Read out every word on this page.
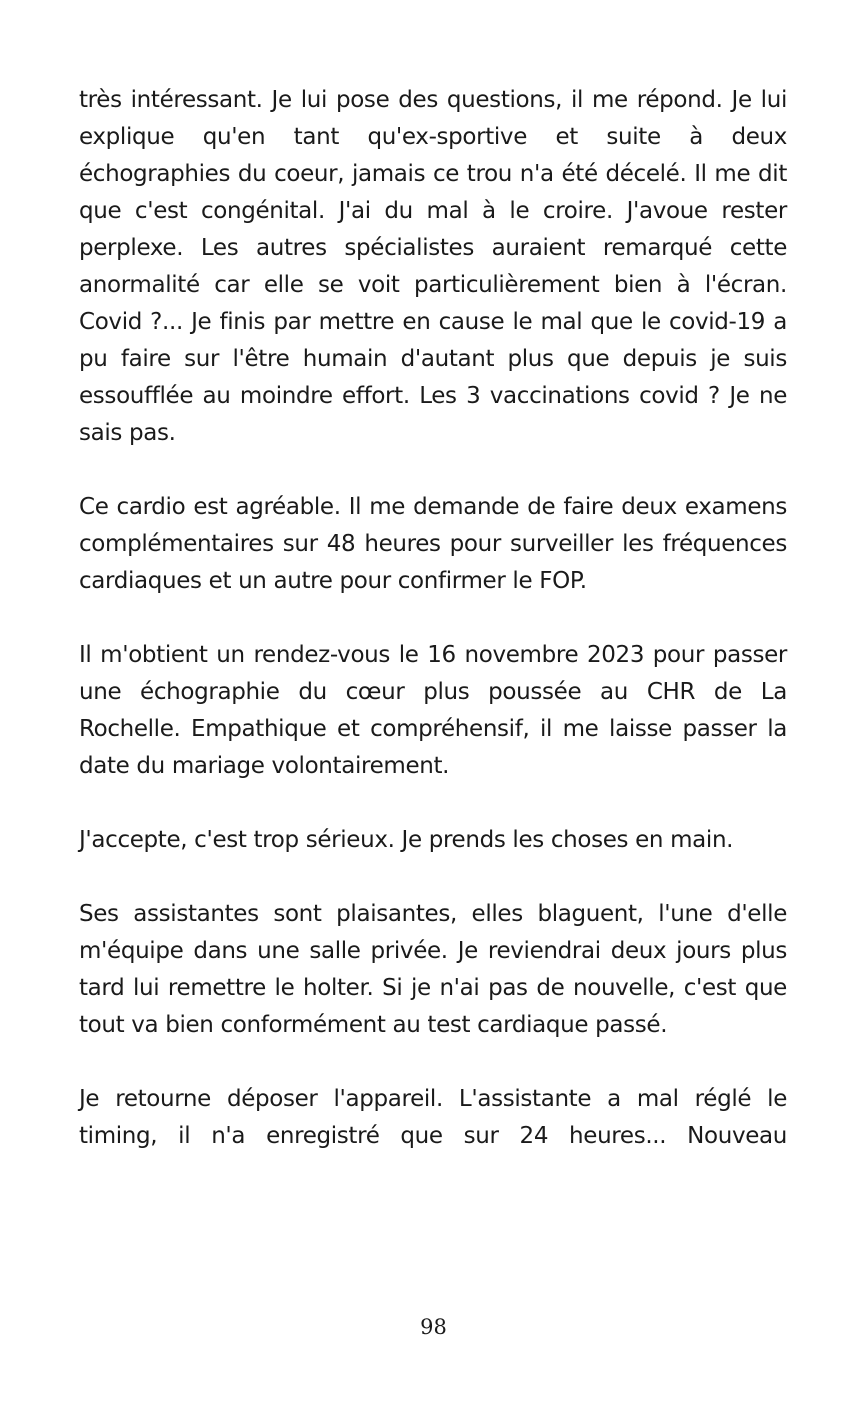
très intéressant. Je lui pose des questions, il me répond. Je lui explique qu'en tant qu'ex-sportive et suite à deux échographies du coeur, jamais ce trou n'a été décelé. Il me dit que c'est congénital. J'ai du mal à le croire. J'avoue rester perplexe. Les autres spécialistes auraient remarqué cette anormalité car elle se voit particulièrement bien à l'écran. Covid ?... Je finis par mettre en cause le mal que le covid-19 a pu faire sur l'être humain d'autant plus que depuis je suis essoufflée au moindre effort. Les 3 vaccinations covid ? Je ne sais pas.

Ce cardio est agréable. Il me demande de faire deux examens complémentaires sur 48 heures pour surveiller les fréquences cardiaques et un autre pour confirmer le FOP.

Il m'obtient un rendez-vous le 16 novembre 2023 pour passer une échographie du cœur plus poussée au CHR de La Rochelle. Empathique et compréhensif, il me laisse passer la date du mariage volontairement.

J'accepte, c'est trop sérieux. Je prends les choses en main.

Ses assistantes sont plaisantes, elles blaguent, l'une d'elle m'équipe dans une salle privée. Je reviendrai deux jours plus tard lui remettre le holter. Si je n'ai pas de nouvelle, c'est que tout va bien conformément au test cardiaque passé.

Je retourne déposer l'appareil. L'assistante a mal réglé le timing, il n'a enregistré que sur 24 heures... Nouveau

98
